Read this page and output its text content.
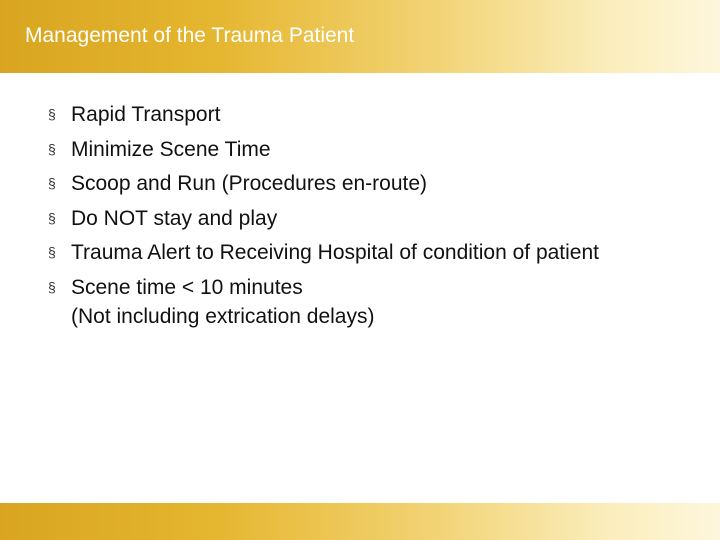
Management of the Trauma Patient
§ Rapid Transport
§ Minimize Scene Time
§ Scoop and Run (Procedures en-route)
§ Do NOT stay and play
§ Trauma Alert to Receiving Hospital of condition of patient
§ Scene time < 10 minutes
(Not including extrication delays)
